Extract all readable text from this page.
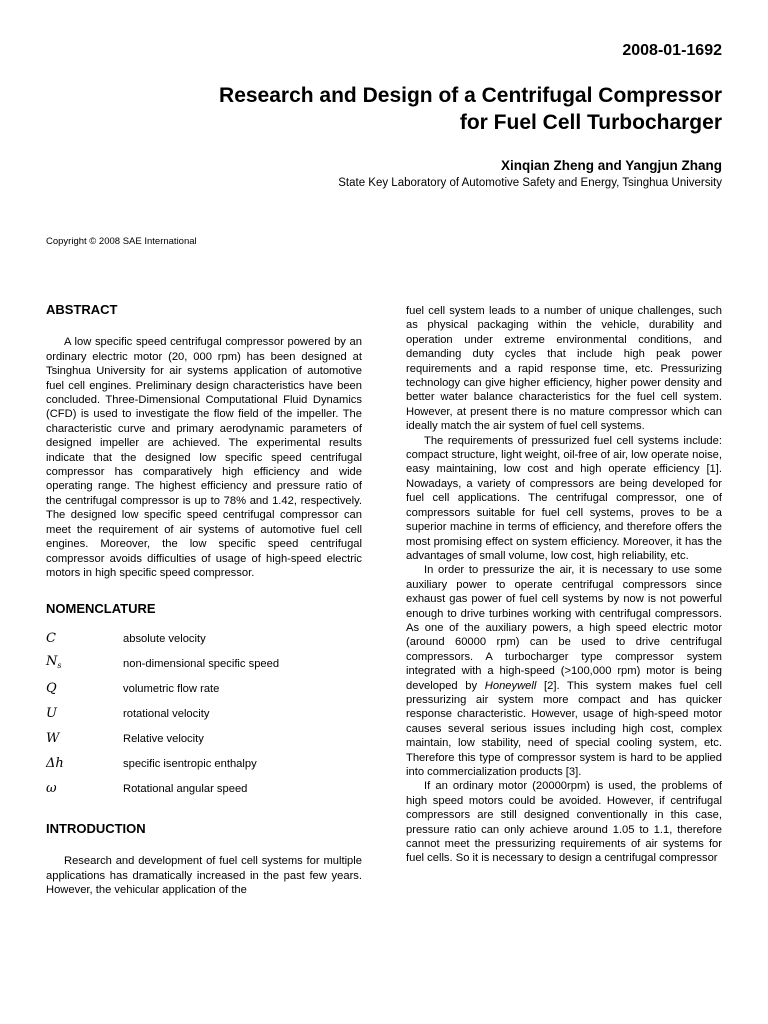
2008-01-1692
Research and Design of a Centrifugal Compressor
for Fuel Cell Turbocharger
Xinqian Zheng and Yangjun Zhang
State Key Laboratory of Automotive Safety and Energy, Tsinghua University
Copyright © 2008 SAE International
ABSTRACT

A low specific speed centrifugal compressor powered by an ordinary electric motor (20, 000 rpm) has been designed at Tsinghua University for air systems application of automotive fuel cell engines. Preliminary design characteristics have been concluded. Three-Dimensional Computational Fluid Dynamics (CFD) is used to investigate the flow field of the impeller. The characteristic curve and primary aerodynamic parameters of designed impeller are achieved. The experimental results indicate that the designed low specific speed centrifugal compressor has comparatively high efficiency and wide operating range. The highest efficiency and pressure ratio of the centrifugal compressor is up to 78% and 1.42, respectively. The designed low specific speed centrifugal compressor can meet the requirement of air systems of automotive fuel cell engines. Moreover, the low specific speed centrifugal compressor avoids difficulties of usage of high-speed electric motors in high specific speed compressor.

NOMENCLATURE
C	absolute velocity
$N_s$	non-dimensional specific speed
Q	volumetric flow rate
U	rotational velocity
W	Relative velocity
Δh	specific isentropic enthalpy
ω	Rotational angular speed
INTRODUCTION

Research and development of fuel cell systems for multiple applications has dramatically increased in the past few years. However, the vehicular application of the

fuel cell system leads to a number of unique challenges, such as physical packaging within the vehicle, durability and operation under extreme environmental conditions, and demanding duty cycles that include high peak power requirements and a rapid response time, etc. Pressurizing technology can give higher efficiency, higher power density and better water balance characteristics for the fuel cell system. However, at present there is no mature compressor which can ideally match the air system of fuel cell systems.

The requirements of pressurized fuel cell systems include: compact structure, light weight, oil-free of air, low operate noise, easy maintaining, low cost and high operate efficiency [1]. Nowadays, a variety of compressors are being developed for fuel cell applications. The centrifugal compressor, one of compressors suitable for fuel cell systems, proves to be a superior machine in terms of efficiency, and therefore offers the most promising effect on system efficiency. Moreover, it has the advantages of small volume, low cost, high reliability, etc.

In order to pressurize the air, it is necessary to use some auxiliary power to operate centrifugal compressors since exhaust gas power of fuel cell systems by now is not powerful enough to drive turbines working with centrifugal compressors. As one of the auxiliary powers, a high speed electric motor (around 60000 rpm) can be used to drive centrifugal compressors. A turbocharger type compressor system integrated with a high-speed (>100,000 rpm) motor is being developed by Honeywell [2]. This system makes fuel cell pressurizing air system more compact and has quicker response characteristic. However, usage of high-speed motor causes several serious issues including high cost, complex maintain, low stability, need of special cooling system, etc. Therefore this type of compressor system is hard to be applied into commercialization products [3].

If an ordinary motor (20000rpm) is used, the problems of high speed motors could be avoided. However, if centrifugal compressors are still designed conventionally in this case, pressure ratio can only achieve around 1.05 to 1.1, therefore cannot meet the pressurizing requirements of air systems for fuel cells. So it is necessary to design a centrifugal compressor
